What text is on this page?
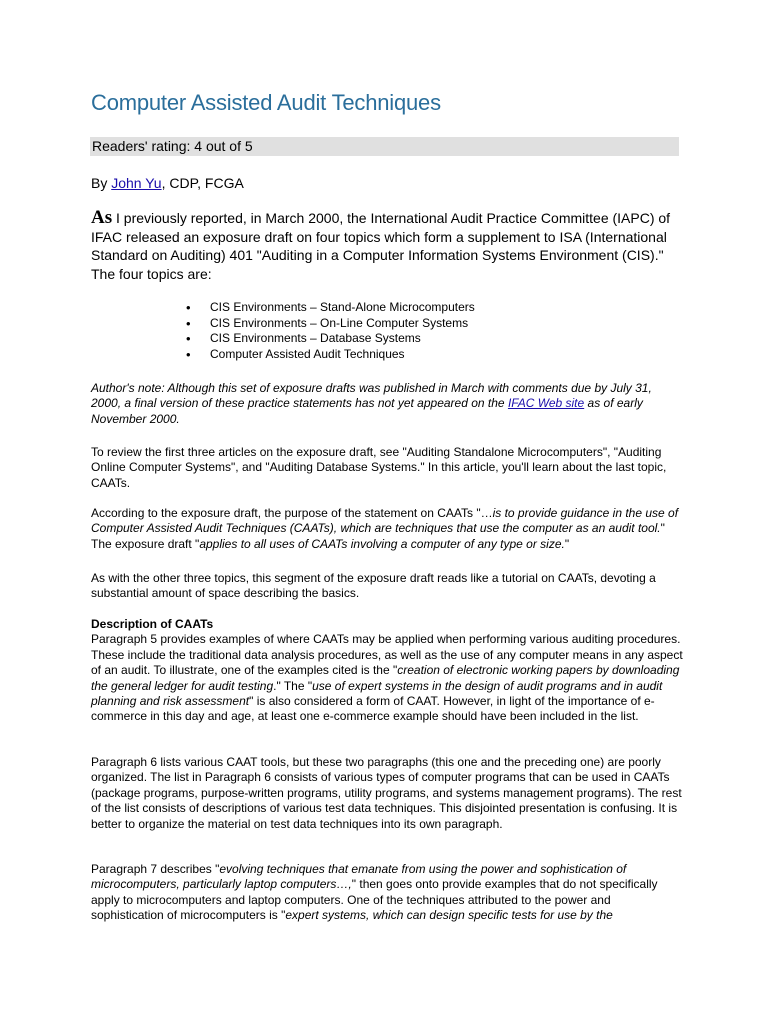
Computer Assisted Audit Techniques
Readers' rating: 4 out of 5
By John Yu, CDP, FCGA

As I previously reported, in March 2000, the International Audit Practice Committee (IAPC) of IFAC released an exposure draft on four topics which form a supplement to ISA (International Standard on Auditing) 401 "Auditing in a Computer Information Systems Environment (CIS)." The four topics are:

• CIS Environments – Stand-Alone Microcomputers
• CIS Environments – On-Line Computer Systems
• CIS Environments – Database Systems
• Computer Assisted Audit Techniques

Author's note: Although this set of exposure drafts was published in March with comments due by July 31, 2000, a final version of these practice statements has not yet appeared on the IFAC Web site as of early November 2000.

To review the first three articles on the exposure draft, see "Auditing Standalone Microcomputers", "Auditing Online Computer Systems", and "Auditing Database Systems." In this article, you'll learn about the last topic, CAATs.

According to the exposure draft, the purpose of the statement on CAATs "…is to provide guidance in the use of Computer Assisted Audit Techniques (CAATs), which are techniques that use the computer as an audit tool." The exposure draft "applies to all uses of CAATs involving a computer of any type or size."

As with the other three topics, this segment of the exposure draft reads like a tutorial on CAATs, devoting a substantial amount of space describing the basics.

Description of CAATs
Paragraph 5 provides examples of where CAATs may be applied when performing various auditing procedures. These include the traditional data analysis procedures, as well as the use of any computer means in any aspect of an audit. To illustrate, one of the examples cited is the "creation of electronic working papers by downloading the general ledger for audit testing." The "use of expert systems in the design of audit programs and in audit planning and risk assessment" is also considered a form of CAAT. However, in light of the importance of e-commerce in this day and age, at least one e-commerce example should have been included in the list.

Paragraph 6 lists various CAAT tools, but these two paragraphs (this one and the preceding one) are poorly organized. The list in Paragraph 6 consists of various types of computer programs that can be used in CAATs (package programs, purpose-written programs, utility programs, and systems management programs). The rest of the list consists of descriptions of various test data techniques. This disjointed presentation is confusing. It is better to organize the material on test data techniques into its own paragraph.

Paragraph 7 describes "evolving techniques that emanate from using the power and sophistication of microcomputers, particularly laptop computers…," then goes onto provide examples that do not specifically apply to microcomputers and laptop computers. One of the techniques attributed to the power and sophistication of microcomputers is "expert systems, which can design specific tests for use by the
